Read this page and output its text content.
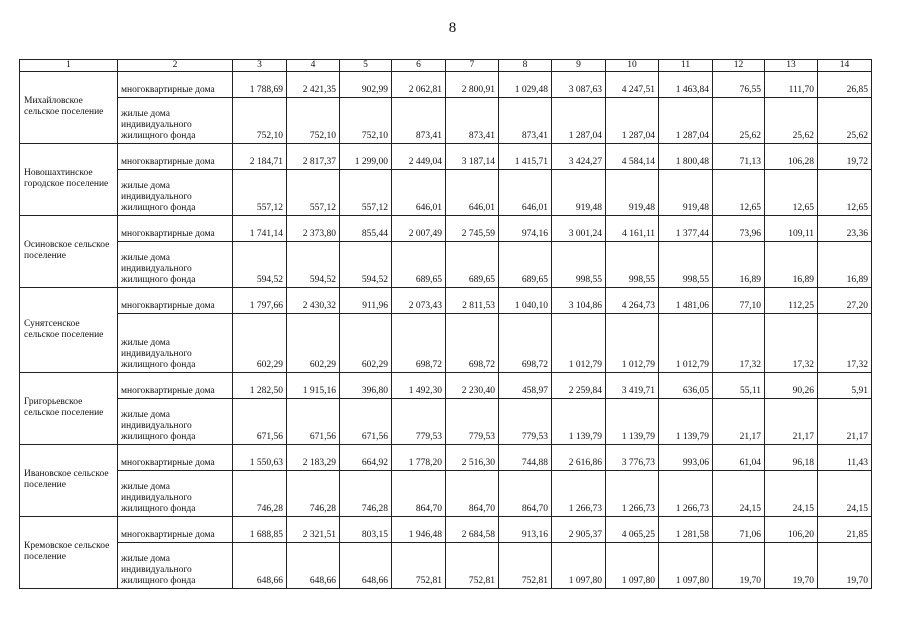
8
1	2	3	4	5	6	7	8	9	10	11	12	13	14
Михайловское сельское поселение	многоквартирные дома	1 788,69	2 421,35	902,99	2 062,81	2 800,91	1 029,48	3 087,63	4 247,51	1 463,84	76,55	111,70	26,85
	жилые дома индивидуального жилищного фонда	752,10	752,10	752,10	873,41	873,41	873,41	1 287,04	1 287,04	1 287,04	25,62	25,62	25,62
Новошахтинское городское поселение	многоквартирные дома	2 184,71	2 817,37	1 299,00	2 449,04	3 187,14	1 415,71	3 424,27	4 584,14	1 800,48	71,13	106,28	19,72
	жилые дома индивидуального жилищного фонда	557,12	557,12	557,12	646,01	646,01	646,01	919,48	919,48	919,48	12,65	12,65	12,65
Осиновское сельское поселение	многоквартирные дома	1 741,14	2 373,80	855,44	2 007,49	2 745,59	974,16	3 001,24	4 161,11	1 377,44	73,96	109,11	23,36
	жилые дома индивидуального жилищного фонда	594,52	594,52	594,52	689,65	689,65	689,65	998,55	998,55	998,55	16,89	16,89	16,89
Сунятсенское сельское поселение	многоквартирные дома	1 797,66	2 430,32	911,96	2 073,43	2 811,53	1 040,10	3 104,86	4 264,73	1 481,06	77,10	112,25	27,20
	жилые дома индивидуального жилищного фонда	602,29	602,29	602,29	698,72	698,72	698,72	1 012,79	1 012,79	1 012,79	17,32	17,32	17,32
Григорьевское сельское поселение	многоквартирные дома	1 282,50	1 915,16	396,80	1 492,30	2 230,40	458,97	2 259,84	3 419,71	636,05	55,11	90,26	5,91
	жилые дома индивидуального жилищного фонда	671,56	671,56	671,56	779,53	779,53	779,53	1 139,79	1 139,79	1 139,79	21,17	21,17	21,17
Ивановское сельское поселение	многоквартирные дома	1 550,63	2 183,29	664,92	1 778,20	2 516,30	744,88	2 616,86	3 776,73	993,06	61,04	96,18	11,43
	жилые дома индивидуального жилищного фонда	746,28	746,28	746,28	864,70	864,70	864,70	1 266,73	1 266,73	1 266,73	24,15	24,15	24,15
Кремовское сельское поселение	многоквартирные дома	1 688,85	2 321,51	803,15	1 946,48	2 684,58	913,16	2 905,37	4 065,25	1 281,58	71,06	106,20	21,85
	жилые дома индивидуального жилищного фонда	648,66	648,66	648,66	752,81	752,81	752,81	1 097,80	1 097,80	1 097,80	19,70	19,70	19,70
